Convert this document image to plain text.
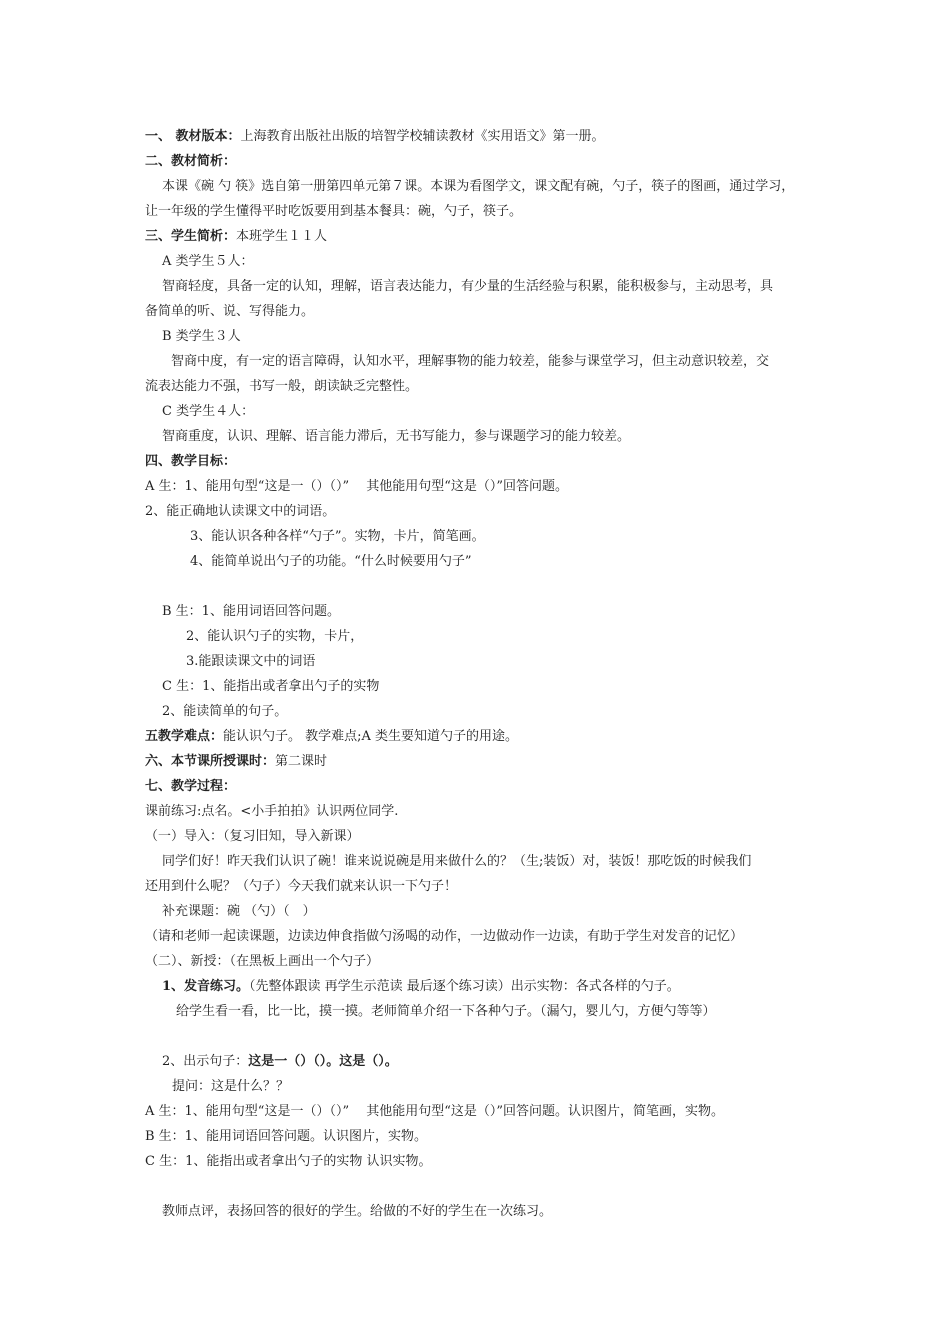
一、 教材版本：上海教育出版社出版的培智学校辅读教材《实用语文》第一册。
二、教材简析：
本课《碗 勺 筷》选自第一册第四单元第７课。本课为看图学文，课文配有碗，勺子，筷子的图画，通过学习，
让一年级的学生懂得平时吃饭要用到基本餐具：碗，勺子，筷子。
三、学生简析：本班学生１１人
A 类学生５人：
智商轻度，具备一定的认知，理解，语言表达能力，有少量的生活经验与积累，能积极参与，主动思考，具
备简单的听、说、写得能力。
B 类学生３人
智商中度，有一定的语言障碍，认知水平，理解事物的能力较差，能参与课堂学习，但主动意识较差，交
流表达能力不强，书写一般，朗读缺乏完整性。
C 类学生４人：
智商重度，认识、理解、语言能力滞后，无书写能力，参与课题学习的能力较差。
四、教学目标：
A 生：1、能用句型“这是一（）（）”　 其他能用句型“这是（）”回答问题。
2、能正确地认读课文中的词语。
3、能认识各种各样“勺子”。实物，卡片，简笔画。
4、能简单说出勺子的功能。“什么时候要用勺子”
B 生：1、能用词语回答问题。
2、能认识勺子的实物，卡片，
3.能跟读课文中的词语
C 生：1、能指出或者拿出勺子的实物
2、能读简单的句子。
五教学难点：能认识勺子。 教学难点;A 类生要知道勺子的用途。
六、本节课所授课时：第二课时
七、教学过程：
课前练习:点名。<小手拍拍》认识两位同学.
（一）导入：（复习旧知，导入新课）
同学们好！昨天我们认识了碗！谁来说说碗是用来做什么的？（生;装饭）对，装饭！那吃饭的时候我们
还用到什么呢？（勺子）今天我们就来认识一下勺子！
补充课题：碗 （勺）（　）
（请和老师一起读课题，边读边伸食指做勺汤喝的动作，一边做动作一边读，有助于学生对发音的记忆）
（二）、新授：（在黑板上画出一个勺子）
1、发音练习。（先整体跟读 再学生示范读 最后逐个练习读）出示实物：各式各样的勺子。
给学生看一看，比一比，摸一摸。老师简单介绍一下各种勺子。（漏勺，婴儿勺，方便勺等等）
2、出示句子：这是一（）（）。这是（）。
提问：这是什么？？
A 生：1、能用句型“这是一（）（）”　 其他能用句型“这是（）”回答问题。认识图片，简笔画，实物。
B 生：1、能用词语回答问题。认识图片，实物。
C 生：1、能指出或者拿出勺子的实物 认识实物。
教师点评，表扬回答的很好的学生。给做的不好的学生在一次练习。
